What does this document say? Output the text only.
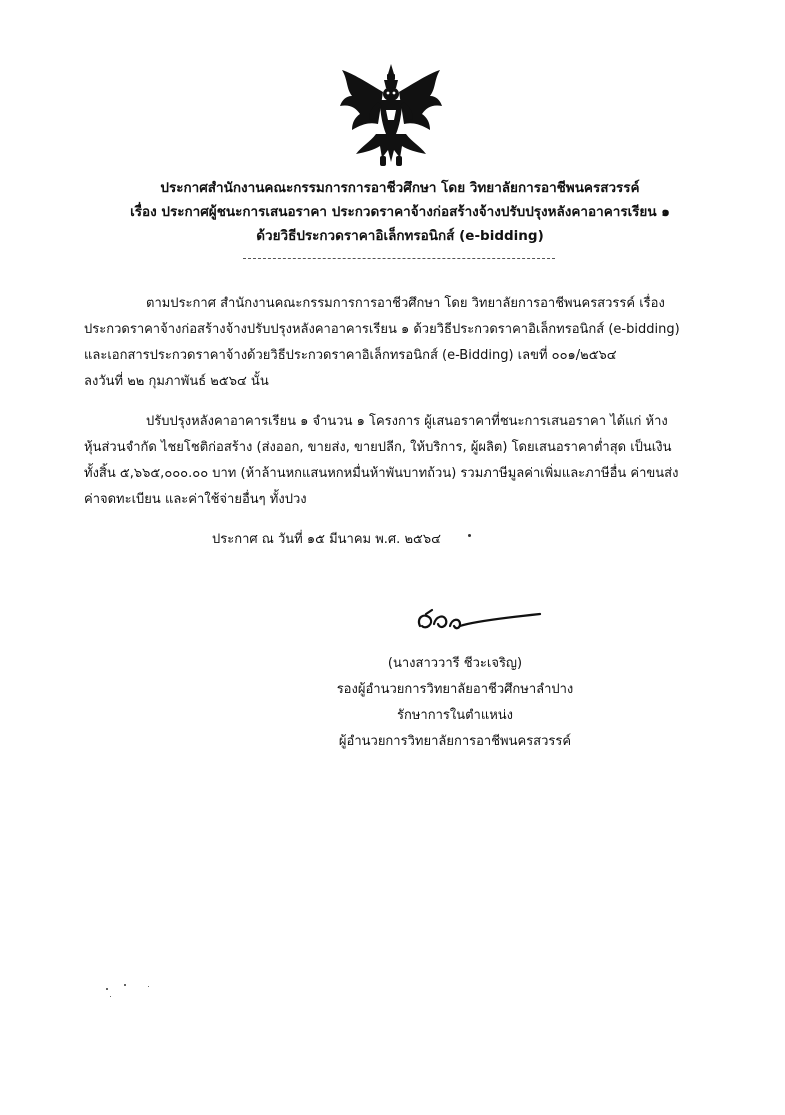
ประกาศสำนักงานคณะกรรมการการอาชีวศึกษา โดย วิทยาลัยการอาชีพนครสวรรค์
เรื่อง ประกาศผู้ชนะการเสนอราคา ประกวดราคาจ้างก่อสร้างจ้างปรับปรุงหลังคาอาคารเรียน ๑
ด้วยวิธีประกวดราคาอิเล็กทรอนิกส์ (e-bidding)
ตามประกาศ สำนักงานคณะกรรมการการอาชีวศึกษา โดย วิทยาลัยการอาชีพนครสวรรค์ เรื่อง
ประกวดราคาจ้างก่อสร้างจ้างปรับปรุงหลังคาอาคารเรียน ๑ ด้วยวิธีประกวดราคาอิเล็กทรอนิกส์ (e-bidding)
และเอกสารประกวดราคาจ้างด้วยวิธีประกวดราคาอิเล็กทรอนิกส์ (e-Bidding) เลขที่ ๐๐๑/๒๕๖๔
ลงวันที่ ๒๒ กุมภาพันธ์ ๒๕๖๔ นั้น
ปรับปรุงหลังคาอาคารเรียน ๑ จำนวน ๑ โครงการ ผู้เสนอราคาที่ชนะการเสนอราคา ได้แก่ ห้าง
หุ้นส่วนจำกัด ไชยโชติก่อสร้าง (ส่งออก, ขายส่ง, ขายปลีก, ให้บริการ, ผู้ผลิต) โดยเสนอราคาต่ำสุด เป็นเงิน
ทั้งสิ้น ๕,๖๖๕,๐๐๐.๐๐ บาท (ห้าล้านหกแสนหกหมื่นห้าพันบาทถ้วน) รวมภาษีมูลค่าเพิ่มและภาษีอื่น ค่าขนส่ง
ค่าจดทะเบียน และค่าใช้จ่ายอื่นๆ ทั้งปวง
ประกาศ ณ วันที่ ๑๕ มีนาคม พ.ศ. ๒๕๖๔
(นางสาววารี ชีวะเจริญ)
รองผู้อำนวยการวิทยาลัยอาชีวศึกษาลำปาง
รักษาการในตำแหน่ง
ผู้อำนวยการวิทยาลัยการอาชีพนครสวรรค์
